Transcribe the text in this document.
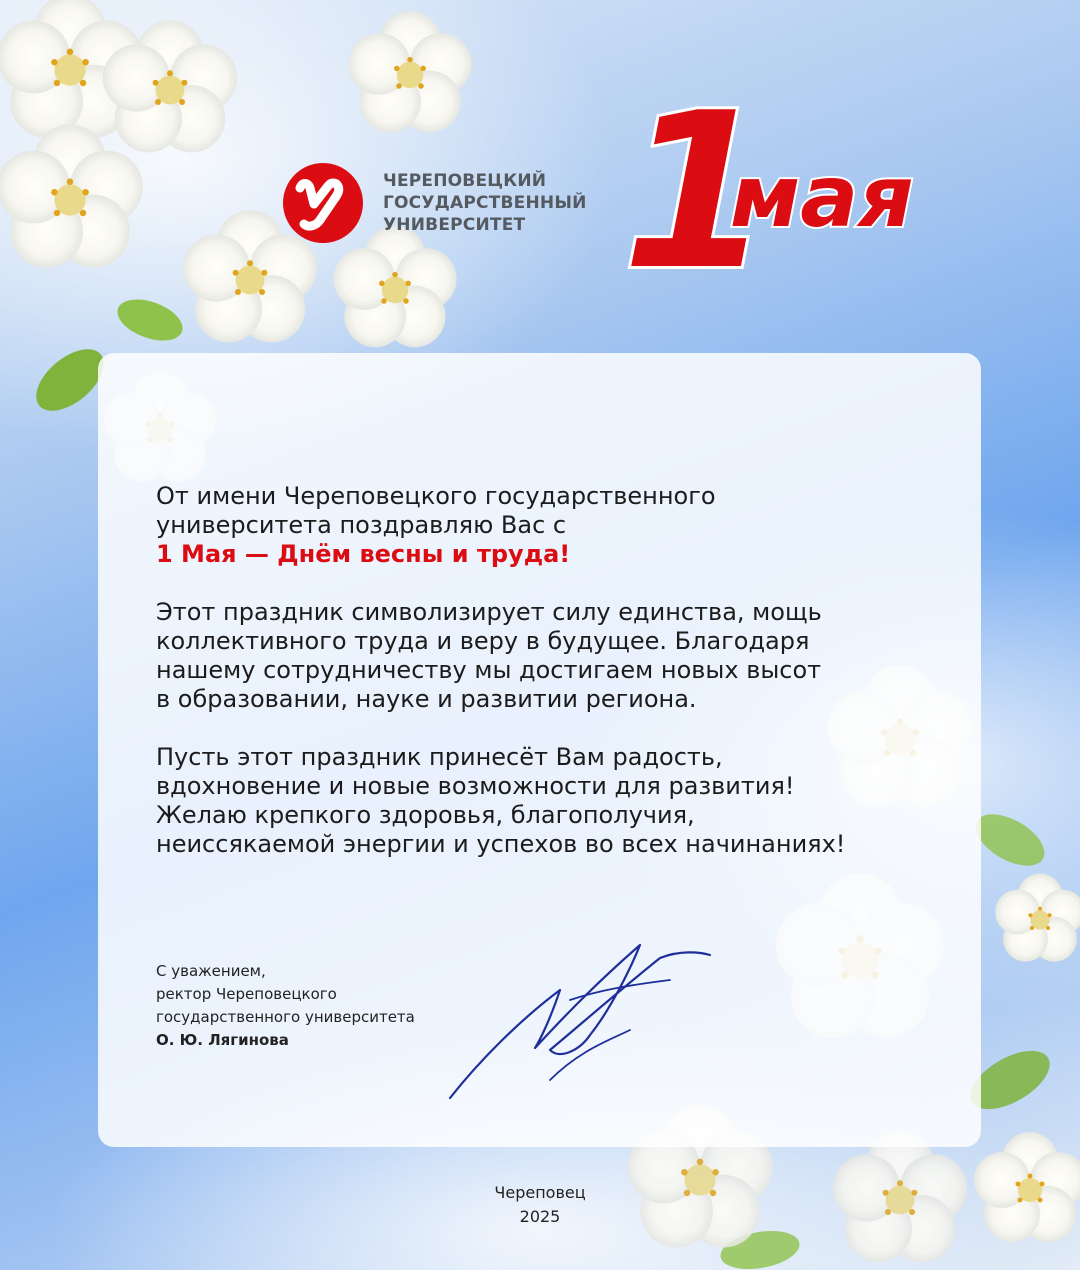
ЧЕРЕПОВЕЦКИЙ
ГОСУДАРСТВЕННЫЙ
УНИВЕРСИТЕТ 1
мая
От имени Череповецкого государственного
университета поздравляю Вас с
1 Мая — Днём весны и труда!
Этот праздник символизирует силу единства, мощь
коллективного труда и веру в будущее. Благодаря
нашему сотрудничеству мы достигаем новых высот
в образовании, науке и развитии региона.
Пусть этот праздник принесёт Вам радость,
вдохновение и новые возможности для развития!
Желаю крепкого здоровья, благополучия,
неиссякаемой энергии и успехов во всех начинаниях!
С уважением,
ректор Череповецкого
государственного университета
О. Ю. Лягинова
Череповец
2025
